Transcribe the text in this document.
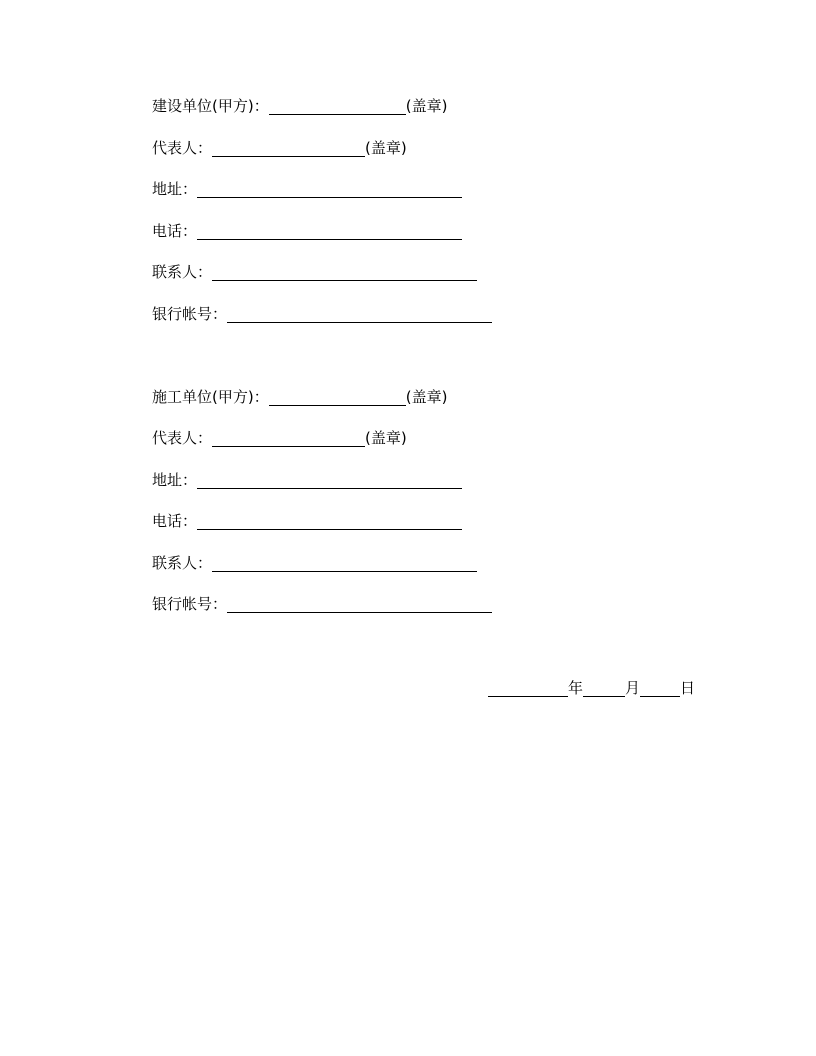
建设单位(甲方)：	(盖章)
代表人：	(盖章)
地址：
电话：
联系人：
银行帐号：
施工单位(甲方)：	(盖章)
代表人：	(盖章)
地址：
电话：
联系人：
银行帐号：
年	月	日
